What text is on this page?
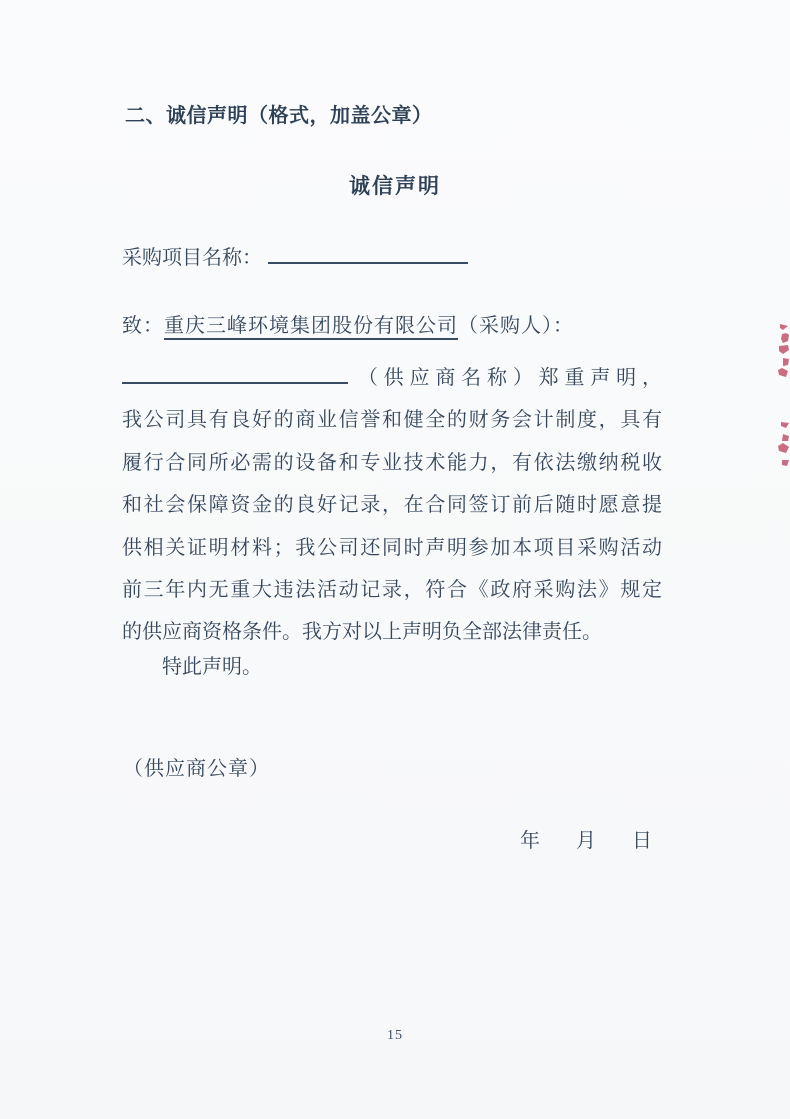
二、诚信声明（格式，加盖公章）
诚信声明
采购项目名称：
致：重庆三峰环境集团股份有限公司（采购人）：
（供应商名称）郑重声明，
我公司具有良好的商业信誉和健全的财务会计制度，具有
履行合同所必需的设备和专业技术能力，有依法缴纳税收
和社会保障资金的良好记录，在合同签订前后随时愿意提
供相关证明材料；我公司还同时声明参加本项目采购活动
前三年内无重大违法活动记录，符合《政府采购法》规定
的供应商资格条件。我方对以上声明负全部法律责任。
特此声明。
（供应商公章）
年 月 日
15
